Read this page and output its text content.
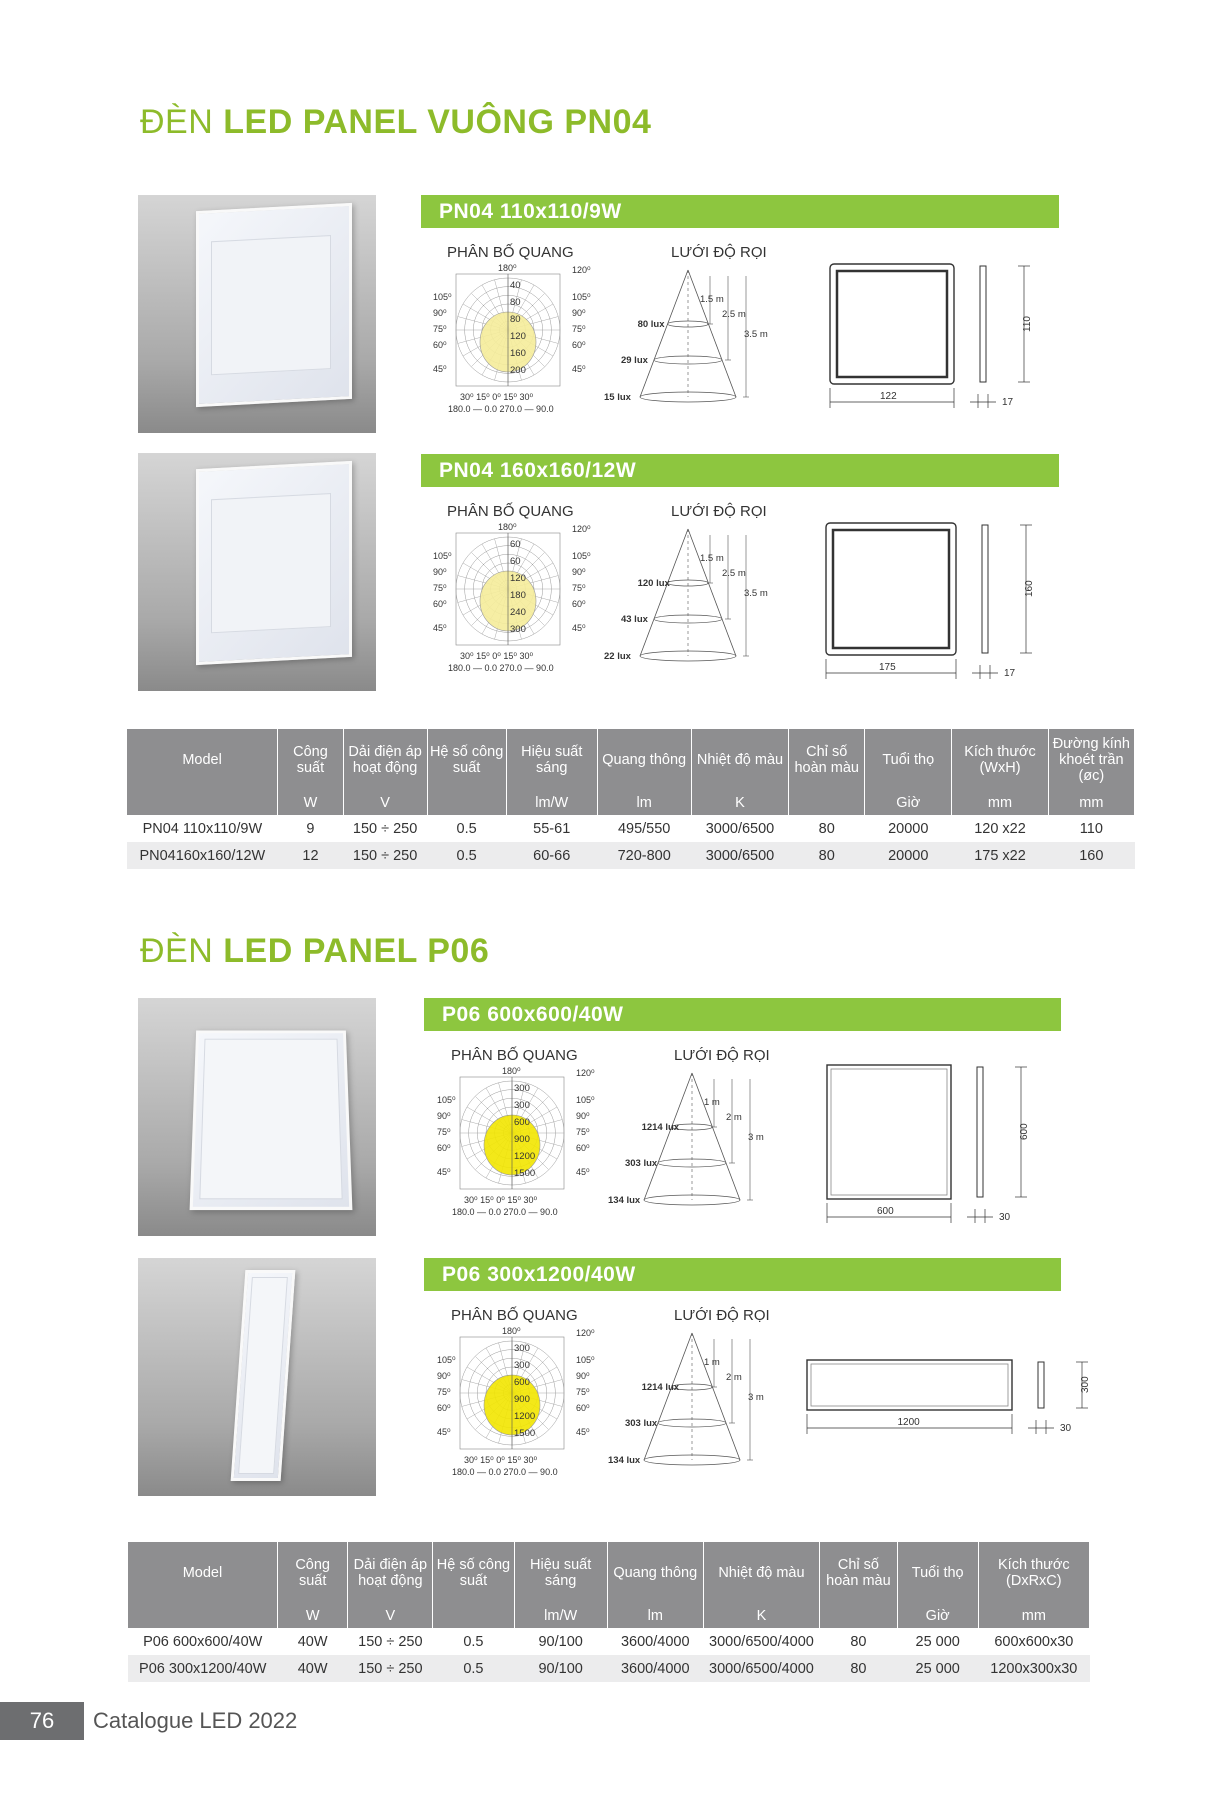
ĐÈN LED PANEL VUÔNG PN04
PN04 110x110/9W
PHÂN BỐ QUANG	LƯỚI ĐỘ RỌI
40
80
80
120
160
200
180⁰	120⁰
105⁰
90⁰
75⁰
60⁰
45⁰
105⁰
90⁰
75⁰
60⁰
45⁰
30⁰ 15⁰ 0⁰ 15⁰ 30⁰
180.0 — 0.0 270.0 — 90.0
80 lux
29 lux
15 lux
1.5 m
2.5 m
3.5 m
122
17
110
PN04 160x160/12W
PHÂN BỐ QUANG	LƯỚI ĐỘ RỌI
60
60
120
180
240
300
180⁰	120⁰
105⁰
90⁰
75⁰
60⁰
45⁰
105⁰
90⁰
75⁰
60⁰
45⁰
30⁰ 15⁰ 0⁰ 15⁰ 30⁰
180.0 — 0.0 270.0 — 90.0
120 lux
43 lux
22 lux
1.5 m
2.5 m
3.5 m
175
17
160
Model	Công suất	Dải điện áp hoạt động	Hệ số công suất	Hiệu suất sáng	Quang thông	Nhiệt độ màu	Chỉ số hoàn màu	Tuổi thọ	Kích thước (WxH)	Đường kính khoét trần (øc)
	W	V		lm/W	lm	K		Giờ	mm	mm
PN04 110x110/9W	9	150 ÷ 250	0.5	55-61	495/550	3000/6500	80	20000	120 x22	110
PN04160x160/12W	12	150 ÷ 250	0.5	60-66	720-800	3000/6500	80	20000	175 x22	160
ĐÈN LED PANEL P06
P06 600x600/40W
PHÂN BỐ QUANG	LƯỚI ĐỘ RỌI
300
300
600
900
1200
1500
180⁰	120⁰
105⁰
90⁰
75⁰
60⁰
45⁰
105⁰
90⁰
75⁰
60⁰
45⁰
30⁰ 15⁰ 0⁰ 15⁰ 30⁰
180.0 — 0.0 270.0 — 90.0
1214 lux
303 lux
134 lux
1 m
2 m
3 m
600
30
600
P06 300x1200/40W
PHÂN BỐ QUANG	LƯỚI ĐỘ RỌI
300
300
600
900
1200
1500
180⁰	120⁰
105⁰
90⁰
75⁰
60⁰
45⁰
105⁰
90⁰
75⁰
60⁰
45⁰
30⁰ 15⁰ 0⁰ 15⁰ 30⁰
180.0 — 0.0 270.0 — 90.0
1214 lux
303 lux
134 lux
1 m
2 m
3 m
1200
30
300
Model	Công suất	Dải điện áp hoạt động	Hệ số công suất	Hiệu suất sáng	Quang thông	Nhiệt độ màu	Chỉ số hoàn màu	Tuổi thọ	Kích thước (DxRxC)
	W	V		lm/W	lm	K		Giờ	mm
P06 600x600/40W	40W	150 ÷ 250	0.5	90/100	3600/4000	3000/6500/4000	80	25 000	600x600x30
P06 300x1200/40W	40W	150 ÷ 250	0.5	90/100	3600/4000	3000/6500/4000	80	25 000	1200x300x30
76	Catalogue LED 2022
